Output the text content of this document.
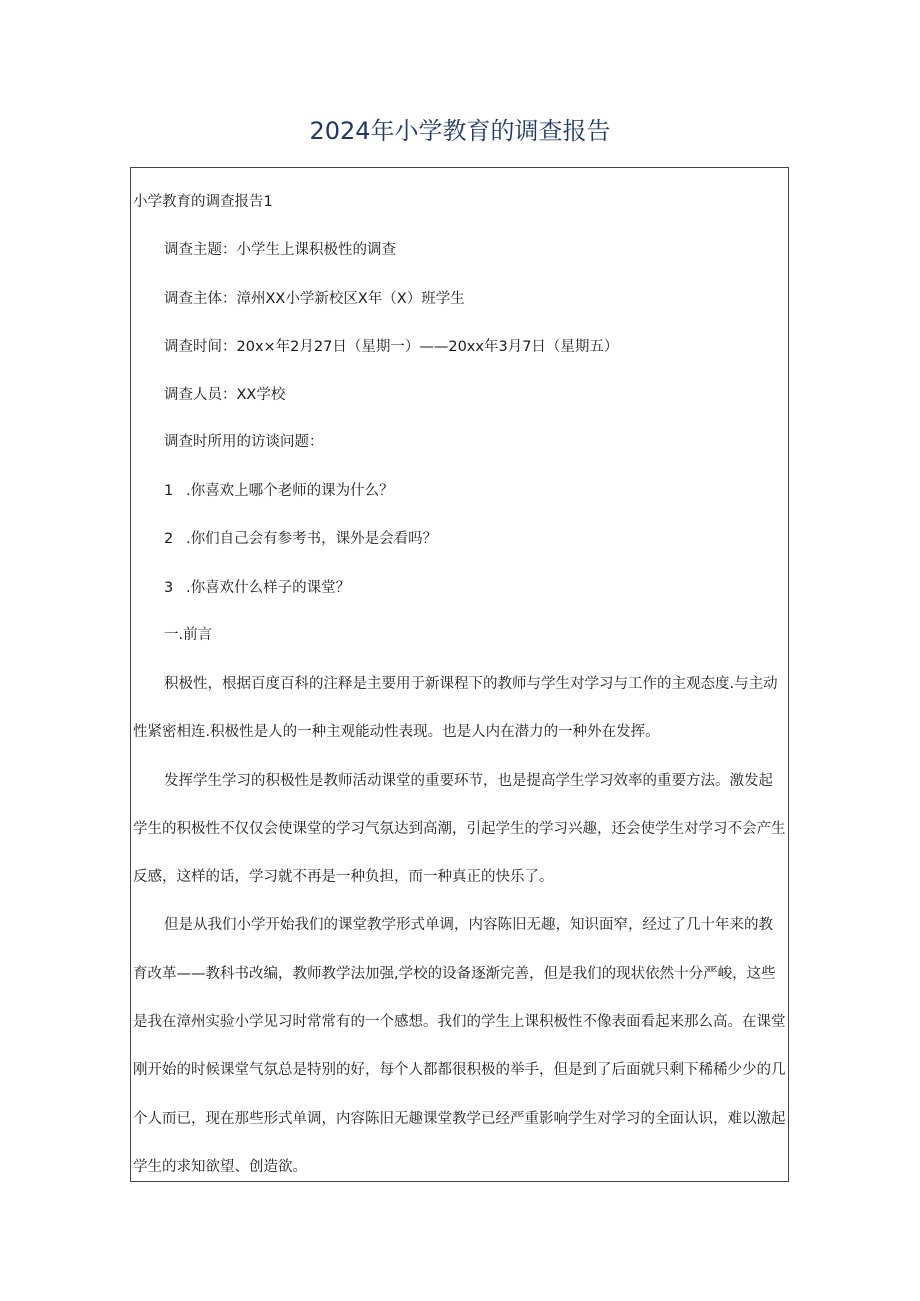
2024年小学教育的调查报告
小学教育的调查报告1
调查主题：小学生上课积极性的调查
调查主体：漳州XX小学新校区X年（X）班学生
调查时间：20x×年2月27日（星期一）——20xx年3月7日（星期五）
调查人员：XX学校
调查时所用的访谈问题：
1 .你喜欢上哪个老师的课为什么？
2 .你们自己会有参考书，课外是会看吗？
3 .你喜欢什么样子的课堂？
一.前言
积极性，根据百度百科的注释是主要用于新课程下的教师与学生对学习与工作的主观态度.与主动
性紧密相连.积极性是人的一种主观能动性表现。也是人内在潜力的一种外在发挥。
发挥学生学习的积极性是教师活动课堂的重要环节，也是提高学生学习效率的重要方法。激发起
学生的积极性不仅仅会使课堂的学习气氛达到高潮，引起学生的学习兴趣，还会使学生对学习不会产生
反感，这样的话，学习就不再是一种负担，而一种真正的快乐了。
但是从我们小学开始我们的课堂教学形式单调，内容陈旧无趣，知识面窄，经过了几十年来的教
育改革——教科书改编，教师教学法加强,学校的设备逐渐完善，但是我们的现状依然十分严峻，这些
是我在漳州实验小学见习时常常有的一个感想。我们的学生上课积极性不像表面看起来那么高。在课堂
刚开始的时候课堂气氛总是特别的好，每个人都都很积极的举手，但是到了后面就只剩下稀稀少少的几
个人而已，现在那些形式单调，内容陈旧无趣课堂教学已经严重影响学生对学习的全面认识，难以激起
学生的求知欲望、创造欲。
